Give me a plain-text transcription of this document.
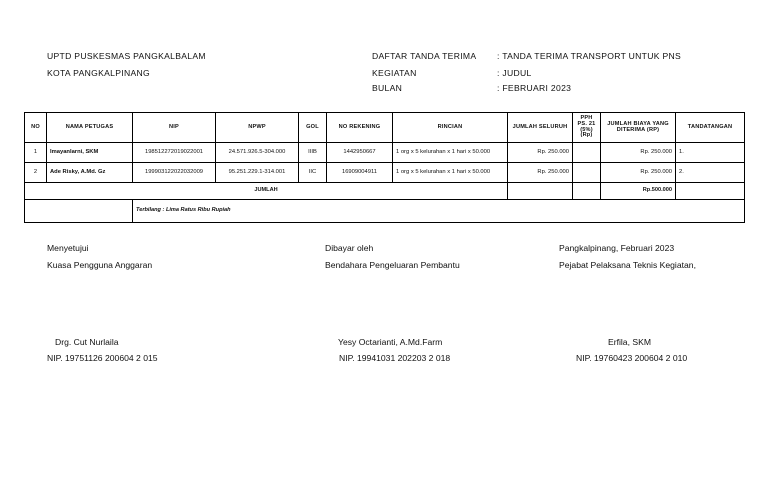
UPTD PUSKESMAS PANGKALBALAM
KOTA PANGKALPINANG
DAFTAR TANDA TERIMA : TANDA TERIMA TRANSPORT UNTUK PNS
KEGIATAN	: JUDUL
BULAN	: FEBRUARI 2023
NO	NAMA PETUGAS	NIP	NPWP	GOL	NO REKENING	RINCIAN	JUMLAH SELURUH	PPH PS. 21 (5%) (Rp)	JUMLAH BIAYA YANG DITERIMA (RP)	TANDATANGAN
1	Imayanlarni, SKM	198512272019022001	24.571.926.5-304.000	IIIB	1442950667	1 org x 5 kelurahan x 1 hari x 50.000	Rp. 250.000		Rp. 250.000	1.
2	Ade Risky, A.Md. Gz	199903122022032009	95.251.229.1-314.001	IIC	1690900491​1	1 org x 5 kelurahan x 1 hari x 50.000	Rp. 250.000		Rp. 250.000	2.
JUMLAH									Rp.500.000	
		Terbilang : Lima Ratus Ribu Rupiah								
Menyetujui
Kuasa Pengguna Anggaran
Drg. Cut Nurlaila
NIP. 19751126 200604 2 015
Dibayar oleh
Bendahara Pengeluaran Pembantu
Yesy Octarianti, A.Md.Farm
NIP. 19941031 202203 2 018
Pangkalpinang, Februari 2023
Pejabat Pelaksana Teknis Kegiatan,
Erfila, SKM
NIP. 19760423 200604 2 010
